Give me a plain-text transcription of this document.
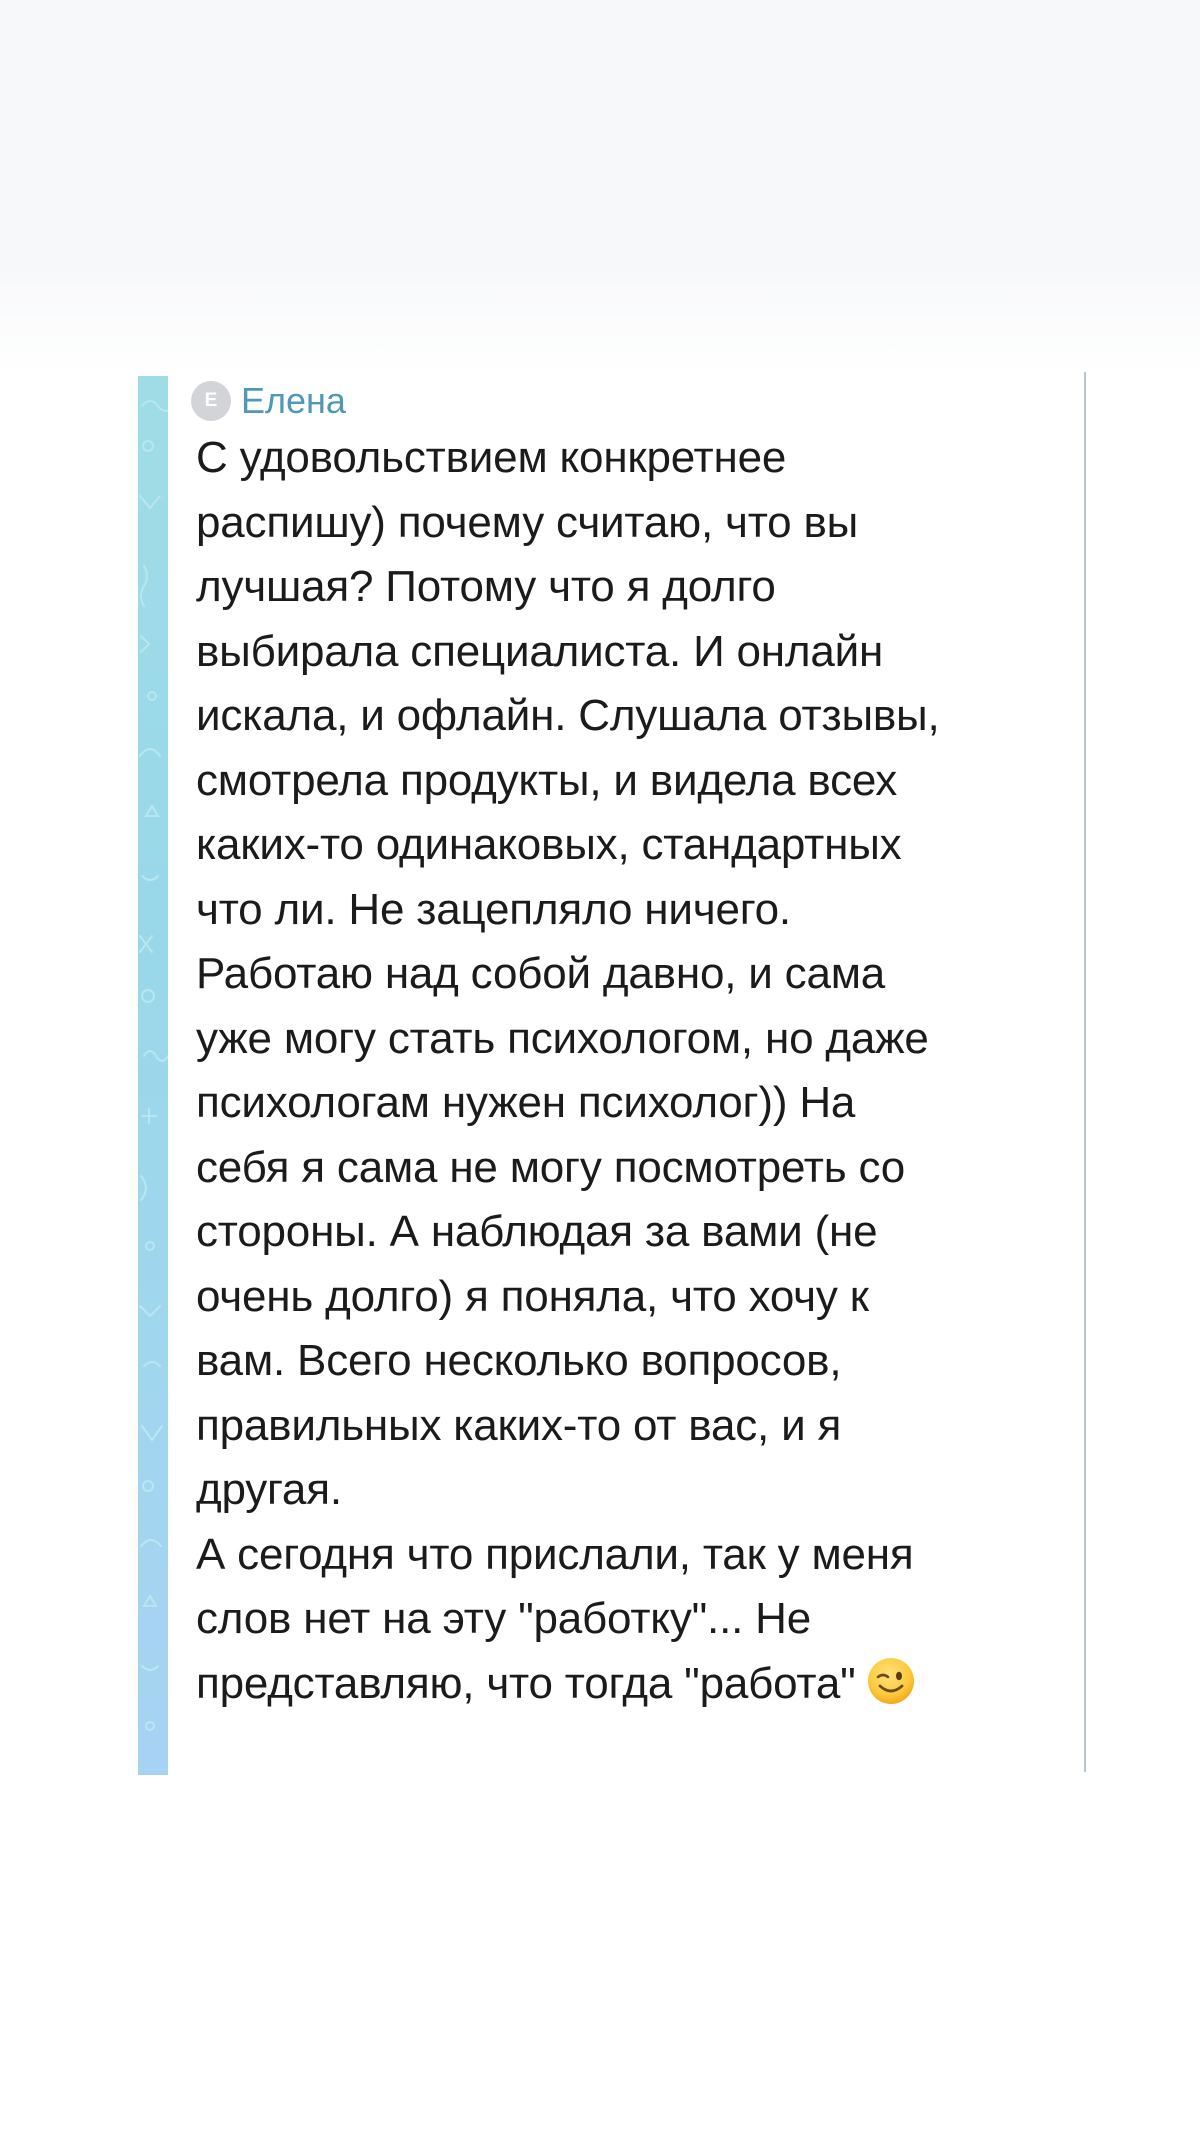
Е Елена
С удовольствием конкретнее
распишу) почему считаю, что вы
лучшая? Потому что я долго
выбирала специалиста. И онлайн
искала, и офлайн. Слушала отзывы,
смотрела продукты, и видела всех
каких-то одинаковых, стандартных
что ли. Не зацепляло ничего.
Работаю над собой давно, и сама
уже могу стать психологом, но даже
психологам нужен психолог)) На
себя я сама не могу посмотреть со
стороны. А наблюдая за вами (не
очень долго) я поняла, что хочу к
вам. Всего несколько вопросов,
правильных каких-то от вас, и я
другая.
А сегодня что прислали, так у меня
слов нет на эту "работку"... Не
представляю, что тогда "работа"
